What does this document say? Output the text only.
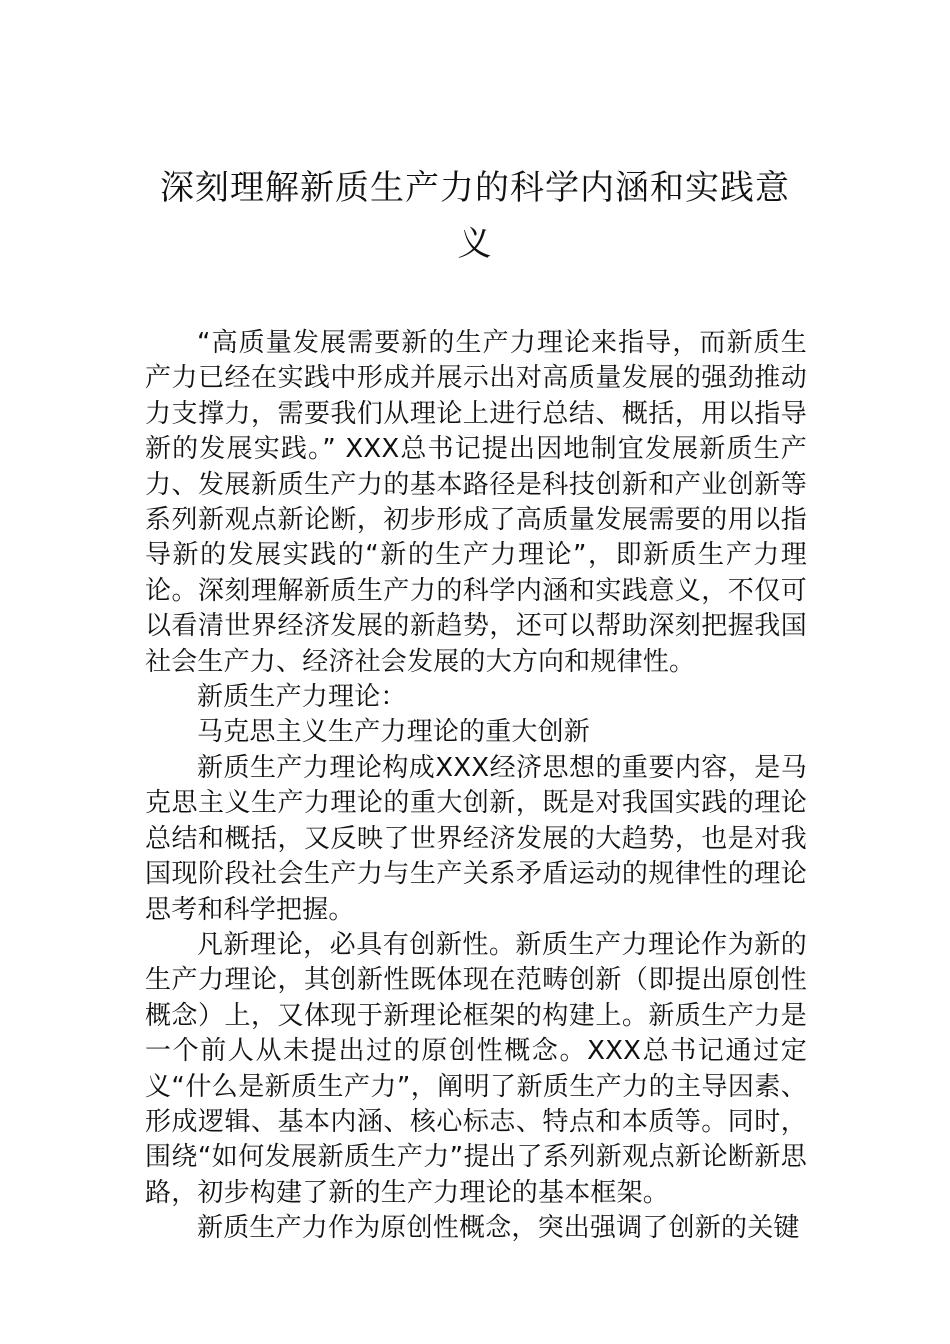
深刻理解新质生产力的科学内涵和实践意义

“高质量发展需要新的生产力理论来指导，而新质生产力已经在实践中形成并展示出对高质量发展的强劲推动力支撑力，需要我们从理论上进行总结、概括，用以指导新的发展实践。” XXX总书记提出因地制宜发展新质生产力、发展新质生产力的基本路径是科技创新和产业创新等系列新观点新论断，初步形成了高质量发展需要的用以指导新的发展实践的“新的生产力理论”，即新质生产力理论。深刻理解新质生产力的科学内涵和实践意义，不仅可以看清世界经济发展的新趋势，还可以帮助深刻把握我国社会生产力、经济社会发展的大方向和规律性。

新质生产力理论：

马克思主义生产力理论的重大创新

新质生产力理论构成XXX经济思想的重要内容，是马克思主义生产力理论的重大创新，既是对我国实践的理论总结和概括，又反映了世界经济发展的大趋势，也是对我国现阶段社会生产力与生产关系矛盾运动的规律性的理论思考和科学把握。

凡新理论，必具有创新性。新质生产力理论作为新的生产力理论，其创新性既体现在范畴创新（即提出原创性概念）上，又体现于新理论框架的构建上。新质生产力是一个前人从未提出过的原创性概念。XXX总书记通过定义“什么是新质生产力”，阐明了新质生产力的主导因素、形成逻辑、基本内涵、核心标志、特点和本质等。同时，围绕“如何发展新质生产力”提出了系列新观点新论断新思路，初步构建了新的生产力理论的基本框架。

新质生产力作为原创性概念，突出强调了创新的关键
